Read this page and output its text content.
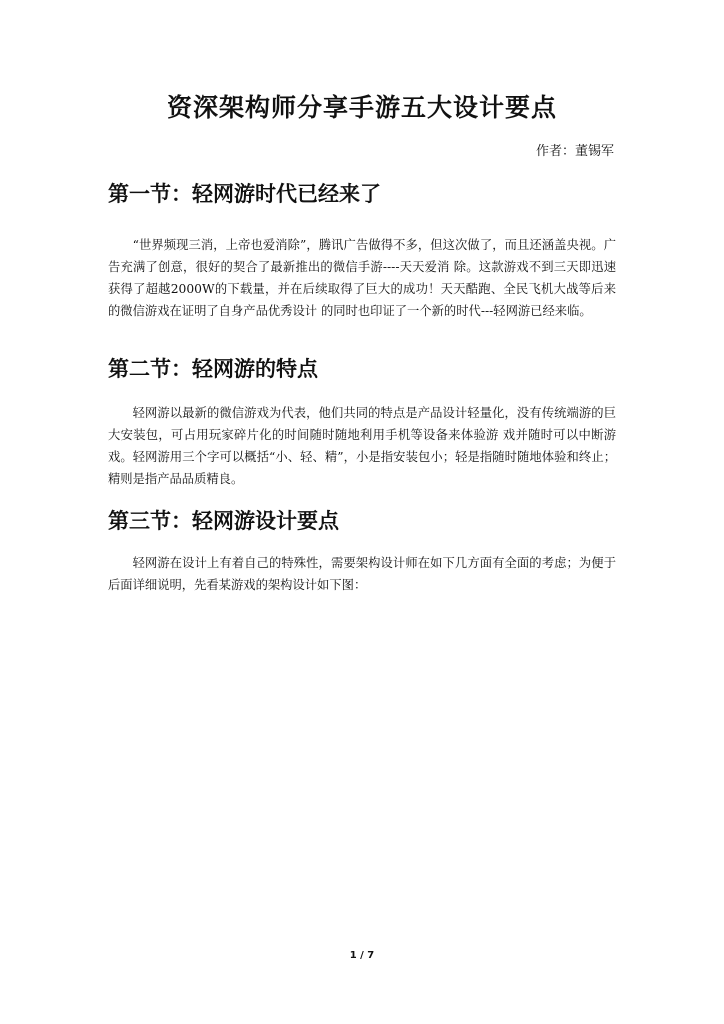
资深架构师分享手游五大设计要点

作者：董锡军

第一节：轻网游时代已经来了

“世界频现三消，上帝也爱消除”，腾讯广告做得不多，但这次做了，而且还涵盖央视。广告充满了创意，很好的契合了最新推出的微信手游----天天爱消 除。这款游戏不到三天即迅速获得了超越2000W的下载量，并在后续取得了巨大的成功！天天酷跑、全民飞机大战等后来的微信游戏在证明了自身产品优秀设计 的同时也印证了一个新的时代---轻网游已经来临。

第二节：轻网游的特点

轻网游以最新的微信游戏为代表，他们共同的特点是产品设计轻量化，没有传统端游的巨大安装包，可占用玩家碎片化的时间随时随地利用手机等设备来体验游 戏并随时可以中断游戏。轻网游用三个字可以概括“小、轻、精”，小是指安装包小；轻是指随时随地体验和终止；精则是指产品品质精良。

第三节：轻网游设计要点

轻网游在设计上有着自己的特殊性，需要架构设计师在如下几方面有全面的考虑；为便于后面详细说明，先看某游戏的架构设计如下图：

1 / 7
